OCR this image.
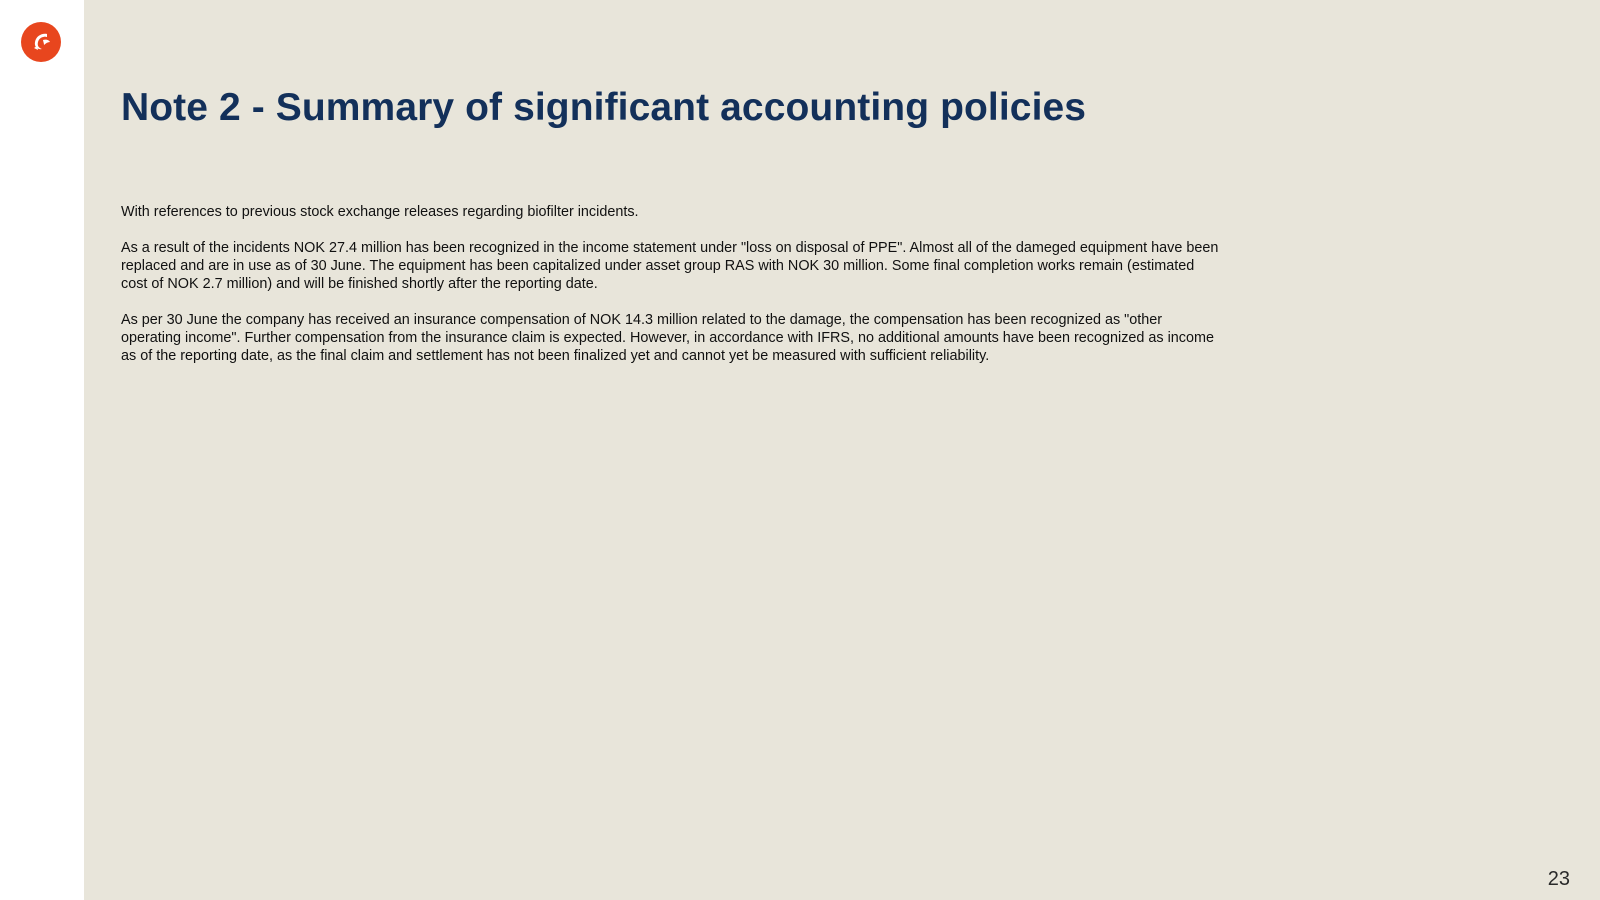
Note 2 - Summary of significant accounting policies

With references to previous stock exchange releases regarding biofilter incidents.

As a result of the incidents NOK 27.4 million has been recognized in the income statement under "loss on disposal of PPE". Almost all of the dameged equipment have been replaced and are in use as of 30 June. The equipment has been capitalized under asset group RAS with NOK 30 million. Some final completion works remain (estimated cost of NOK 2.7 million) and will be finished shortly after the reporting date.

As per 30 June the company has received an insurance compensation of NOK 14.3 million related to the damage, the compensation has been recognized as "other operating income". Further compensation from the insurance claim is expected. However, in accordance with IFRS, no additional amounts have been recognized as income as of the reporting date, as the final claim and settlement has not been finalized yet and cannot yet be measured with sufficient reliability.

23
